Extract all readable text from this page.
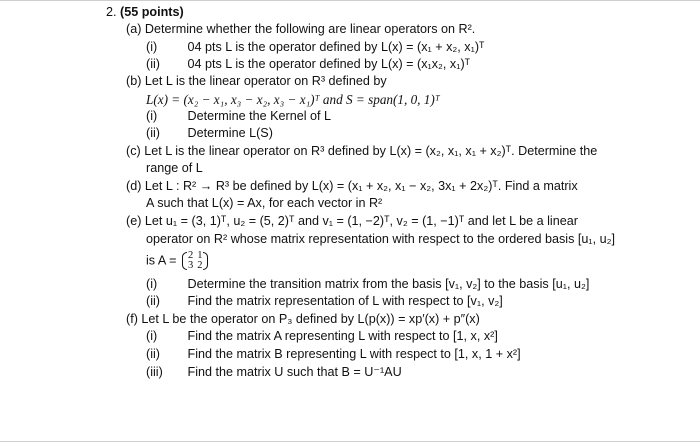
2. (55 points)
(a) Determine whether the following are linear operators on R².
(i) 04 pts L is the operator defined by L(x) = (x₁ + x₂, x₁)ᵀ
(ii) 04 pts L is the operator defined by L(x) = (x₁x₂, x₁)ᵀ
(b) Let L is the linear operator on R³ defined by
L(x) = (x₂ − x₁, x₃ − x₂, x₃ − x₁)ᵀ and S = span(1, 0, 1)ᵀ
(i) Determine the Kernel of L
(ii) Determine L(S)
(c) Let L is the linear operator on R³ defined by L(x) = (x₂, x₁, x₁ + x₂)ᵀ. Determine the
range of L
(d) Let L : R² → R³ be defined by L(x) = (x₁ + x₂, x₁ − x₂, 3x₁ + 2x₂)ᵀ. Find a matrix
A such that L(x) = Ax, for each vector in R²
(e) Let u₁ = (3, 1)ᵀ, u₂ = (5, 2)ᵀ and v₁ = (1, −2)ᵀ, v₂ = (1, −1)ᵀ and let L be a linear
operator on R² whose matrix representation with respect to the ordered basis [u₁, u₂]
is A = 2	1
3	2
(i) Determine the transition matrix from the basis [v₁, v₂] to the basis [u₁, u₂]
(ii) Find the matrix representation of L with respect to [v₁, v₂]
(f) Let L be the operator on P₃ defined by L(p(x)) = xp′(x) + p″(x)
(i) Find the matrix A representing L with respect to [1, x, x²]
(ii) Find the matrix B representing L with respect to [1, x, 1 + x²]
(iii) Find the matrix U such that B = U⁻¹AU
